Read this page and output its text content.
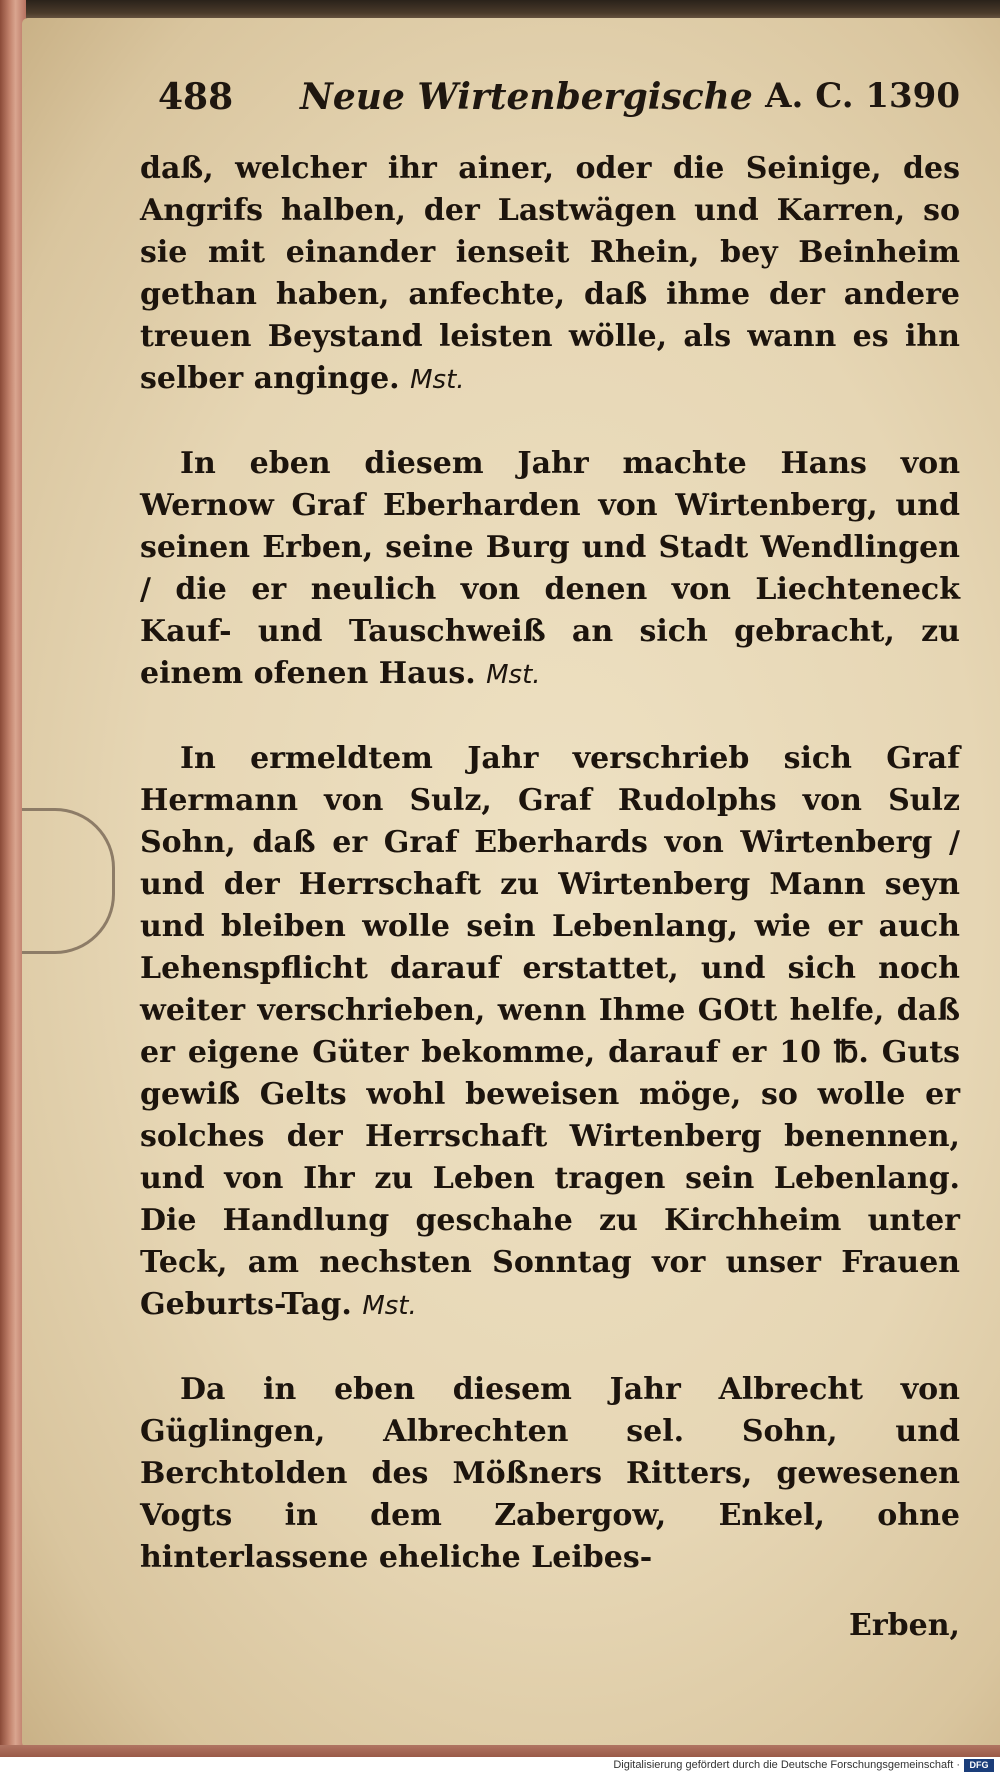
488 Neue Wirtenbergische A. C. 1390

daß, welcher ihr ainer, oder die Seinige, des Angrifs halben, der Lastwägen und Karren, so sie mit einander ienseit Rhein, bey Beinheim gethan haben, anfechte, daß ihme der andere treuen Beystand leisten wölle, als wann es ihn selber anginge. Mst.

In eben diesem Jahr machte Hans von Wernow Graf Eberharden von Wirtenberg, und seinen Erben, seine Burg und Stadt Wendlingen / die er neulich von denen von Liechteneck Kauf- und Tauschweiß an sich gebracht, zu einem ofenen Haus. Mst.

In ermeldtem Jahr verschrieb sich Graf Hermann von Sulz, Graf Rudolphs von Sulz Sohn, daß er Graf Eberhards von Wirtenberg / und der Herrschaft zu Wirtenberg Mann seyn und bleiben wolle sein Lebenlang, wie er auch Lehenspflicht darauf erstattet, und sich noch weiter verschrieben, wenn Ihme GOtt helfe, daß er eigene Güter bekomme, darauf er 10 ℔. Guts gewiß Gelts wohl beweisen möge, so wolle er solches der Herrschaft Wirtenberg benennen, und von Ihr zu Leben tragen sein Lebenlang. Die Handlung geschahe zu Kirchheim unter Teck, am nechsten Sonntag vor unser Frauen Geburts-Tag. Mst.

Da in eben diesem Jahr Albrecht von Güglingen, Albrechten sel. Sohn, und Berchtolden des Mößners Ritters, gewesenen Vogts in dem Zabergow, Enkel, ohne hinterlassene eheliche Leibes-

Erben,
Digitalisierung gefördert durch die Deutsche Forschungsgemeinschaft ·	DFG
